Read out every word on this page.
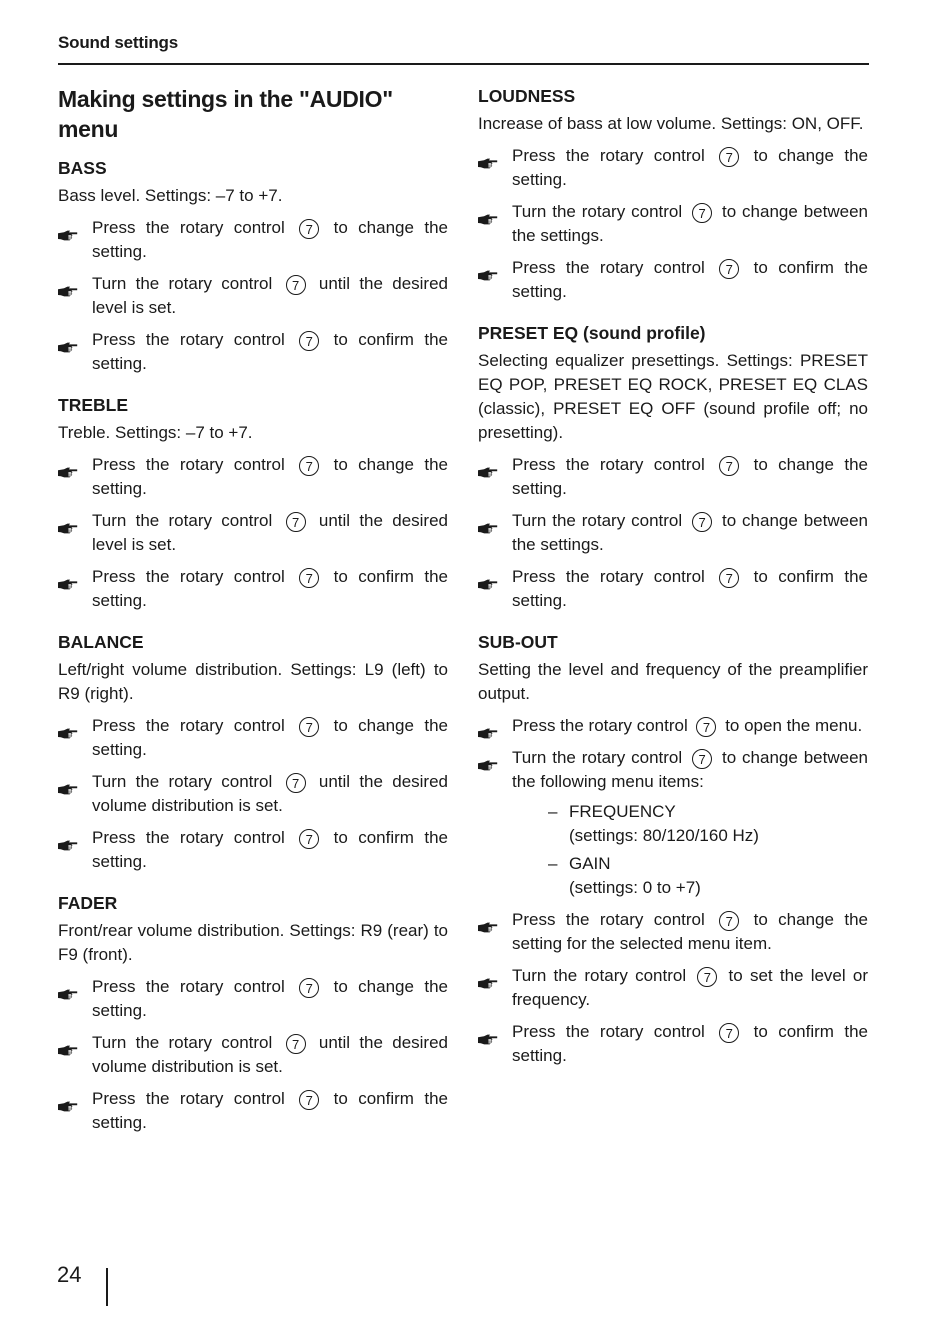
Sound settings
Making settings in the "AUDIO" menu
BASS

Bass level. Settings: –7 to +7.

Press the rotary control 7 to change the setting.
Turn the rotary control 7 until the desired level is set.
Press the rotary control 7 to confirm the setting.
TREBLE

Treble. Settings: –7 to +7.

Press the rotary control 7 to change the setting.
Turn the rotary control 7 until the desired level is set.
Press the rotary control 7 to confirm the setting.
BALANCE

Left/right volume distribution. Settings: L9 (left) to R9 (right).

Press the rotary control 7 to change the setting.
Turn the rotary control 7 until the desired volume distribution is set.
Press the rotary control 7 to confirm the setting.
FADER

Front/rear volume distribution. Settings: R9 (rear) to F9 (front).

Press the rotary control 7 to change the setting.
Turn the rotary control 7 until the desired volume distribution is set.
Press the rotary control 7 to confirm the setting.
LOUDNESS

Increase of bass at low volume. Settings: ON, OFF.

Press the rotary control 7 to change the setting.
Turn the rotary control 7 to change between the settings.
Press the rotary control 7 to confirm the setting.
PRESET EQ (sound profile)

Selecting equalizer presettings. Settings: PRESET EQ POP, PRESET EQ ROCK, PRESET EQ CLAS (classic), PRESET EQ OFF (sound profile off; no presetting).

Press the rotary control 7 to change the setting.
Turn the rotary control 7 to change between the settings.
Press the rotary control 7 to confirm the setting.
SUB-OUT

Setting the level and frequency of the preamplifier output.

Press the rotary control 7 to open the menu.
Turn the rotary control 7 to change between the following menu items:
– FREQUENCY
(settings: 80/120/160 Hz)
– GAIN
(settings: 0 to +7)
Press the rotary control 7 to change the setting for the selected menu item.
Turn the rotary control 7 to set the level or frequency.
Press the rotary control 7 to confirm the setting.
24
